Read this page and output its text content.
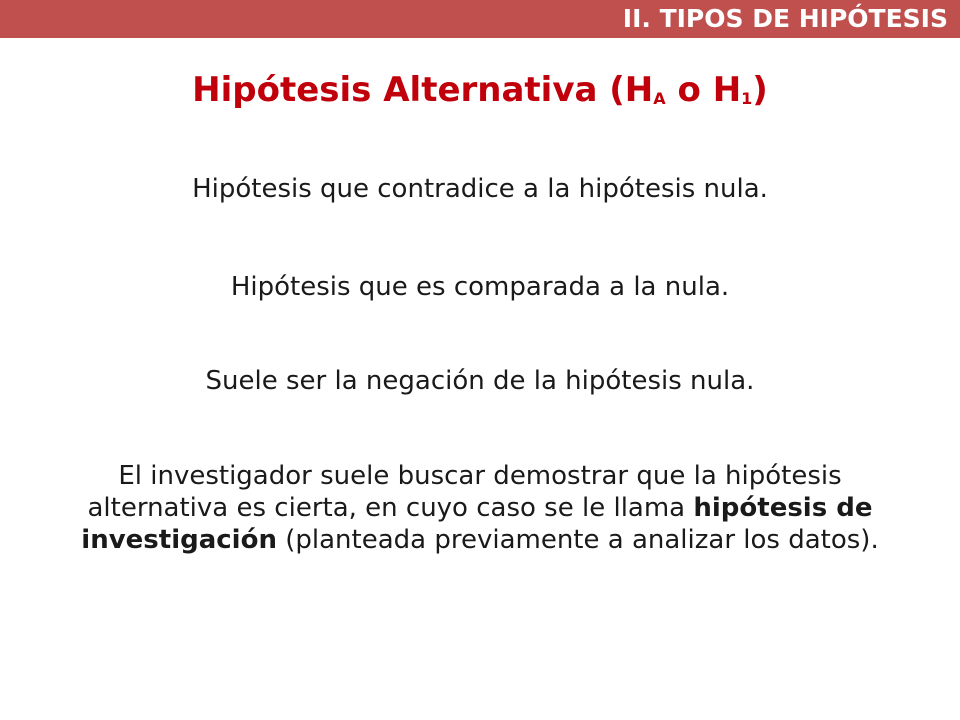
II. TIPOS DE HIPÓTESIS
Hipótesis Alternativa (HA o H1)
Hipótesis que contradice a la hipótesis nula.
Hipótesis que es comparada a la nula.
Suele ser la negación de la hipótesis nula.
El investigador suele buscar demostrar que la hipótesis alternativa es cierta, en cuyo caso se le llama hipótesis de investigación (planteada previamente a analizar los datos).
